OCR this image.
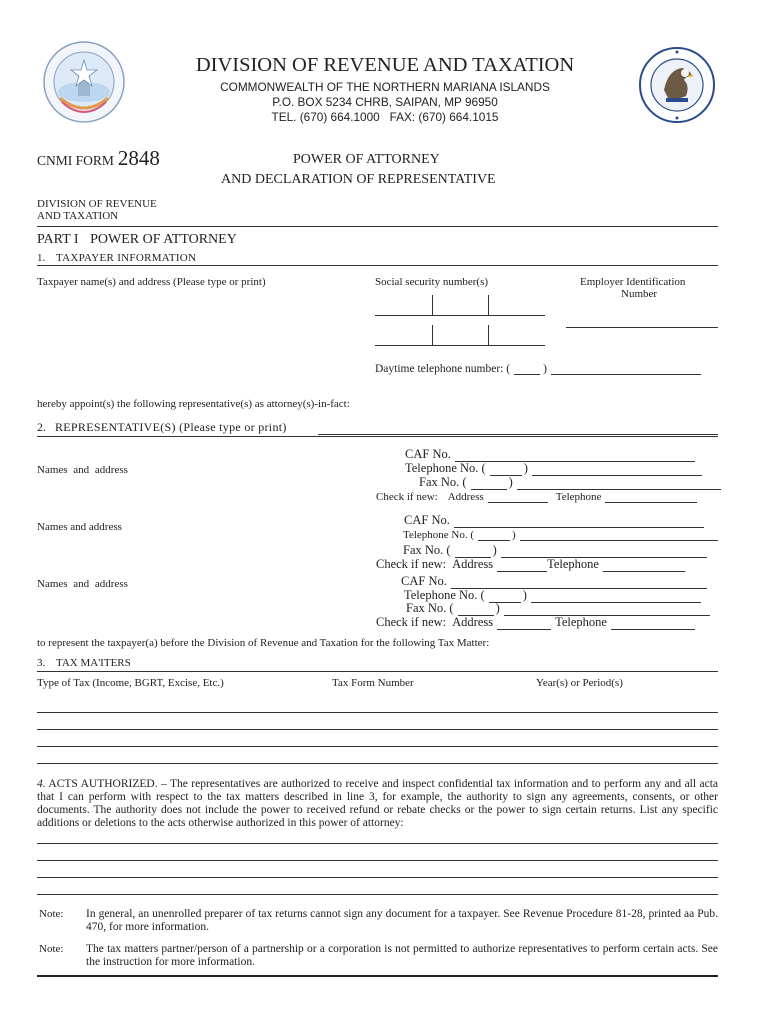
DIVISION OF REVENUE AND TAXATION
COMMONWEALTH OF THE NORTHERN MARIANA ISLANDS
P.O. BOX 5234 CHRB, SAIPAN, MP 96950
TEL. (670) 664.1000   FAX: (670) 664.1015
CNMI FORM 2848	POWER OF ATTORNEY
AND DECLARATION OF REPRESENTATIVE
DIVISION OF REVENUE
AND TAXATION
PART I POWER OF ATTORNEY
1. TAXPAYER INFORMATION
Taxpayer name(s) and address (Please type or print)	Social security number(s)	Employer Identification
Number
Daytime telephone number: (	)
hereby appoint(s) the following representative(s) as attorney(s)-in-fact:
2. REPRESENTATIVE(S) (Please type or print)
Names and address
CAF No.
Telephone No. (	)
Fax No. (	)
Check if new: Address	Telephone
Names and address	CAF No.
Telephone No. (	)
Fax No. (	)
Check if new: Address	Telephone
Names and address	CAF No.
Telephone No. (	)
Fax No. (	)
Check if new: Address	Telephone
to represent the taxpayer(a) before the Division of Revenue and Taxation for the following Tax Matter:
3. TAX MA'ITERS
Type of Tax (Income, BGRT, Excise, Etc.)	Tax Form Number	Year(s) or Period(s)
4. ACTS AUTHORIZED. – The representatives are authorized to receive and inspect confidential tax information and to perform any and all acta that I can perform with respect to the tax matters described in line 3, for example, the authority to sign any agreements, consents, or other documents. The authority does not include the power to received refund or rebate checks or the power to sign certain returns. List any specific additions or deletions to the acts otherwise authorized in this power of attorney:
Note: In general, an unenrolled preparer of tax returns cannot sign any document for a taxpayer. See Revenue Procedure 81-28, printed aa Pub. 470, for more information.
Note: The tax matters partner/person of a partnership or a corporation is not permitted to authorize representatives to perform certain acts. See the instruction for more information.
